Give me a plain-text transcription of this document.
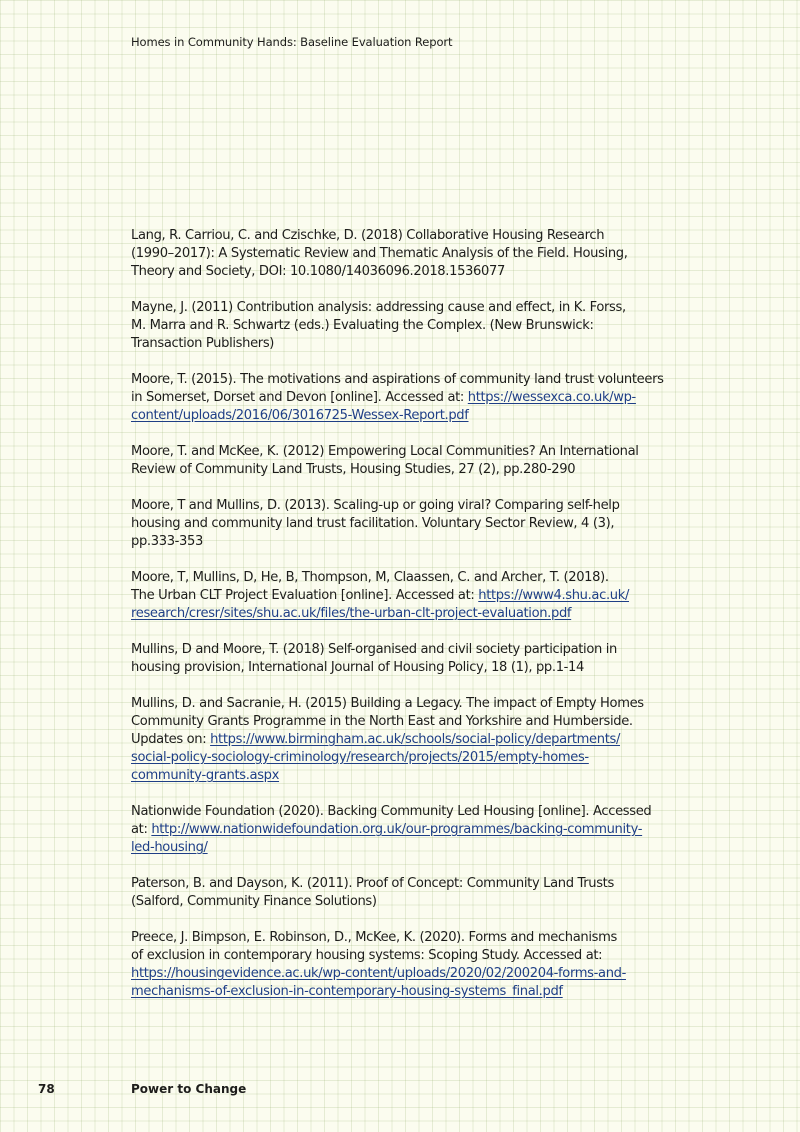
Homes in Community Hands: Baseline Evaluation Report

Lang, R. Carriou, C. and Czischke, D. (2018) Collaborative Housing Research
(1990–2017): A Systematic Review and Thematic Analysis of the Field. Housing,
Theory and Society, DOI: 10.1080/14036096.2018.1536077

Mayne, J. (2011) Contribution analysis: addressing cause and effect, in K. Forss,
M. Marra and R. Schwartz (eds.) Evaluating the Complex. (New Brunswick:
Transaction Publishers)

Moore, T. (2015). The motivations and aspirations of community land trust volunteers
in Somerset, Dorset and Devon [online]. Accessed at: https://wessexca.co.uk/wp-
content/uploads/2016/06/3016725-Wessex-Report.pdf

Moore, T. and McKee, K. (2012) Empowering Local Communities? An International
Review of Community Land Trusts, Housing Studies, 27 (2), pp.280-290

Moore, T and Mullins, D. (2013). Scaling-up or going viral? Comparing self-help
housing and community land trust facilitation. Voluntary Sector Review, 4 (3),
pp.333-353

Moore, T, Mullins, D, He, B, Thompson, M, Claassen, C. and Archer, T. (2018).
The Urban CLT Project Evaluation [online]. Accessed at: https://www4.shu.ac.uk/
research/cresr/sites/shu.ac.uk/files/the-urban-clt-project-evaluation.pdf

Mullins, D and Moore, T. (2018) Self-organised and civil society participation in
housing provision, International Journal of Housing Policy, 18 (1), pp.1-14

Mullins, D. and Sacranie, H. (2015) Building a Legacy. The impact of Empty Homes
Community Grants Programme in the North East and Yorkshire and Humberside.
Updates on: https://www.birmingham.ac.uk/schools/social-policy/departments/
social-policy-sociology-criminology/research/projects/2015/empty-homes-
community-grants.aspx

Nationwide Foundation (2020). Backing Community Led Housing [online]. Accessed
at: http://www.nationwidefoundation.org.uk/our-programmes/backing-community-
led-housing/

Paterson, B. and Dayson, K. (2011). Proof of Concept: Community Land Trusts
(Salford, Community Finance Solutions)

Preece, J. Bimpson, E. Robinson, D., McKee, K. (2020). Forms and mechanisms
of exclusion in contemporary housing systems: Scoping Study. Accessed at:
https://housingevidence.ac.uk/wp-content/uploads/2020/02/200204-forms-and-
mechanisms-of-exclusion-in-contemporary-housing-systems_final.pdf

78	Power to Change
